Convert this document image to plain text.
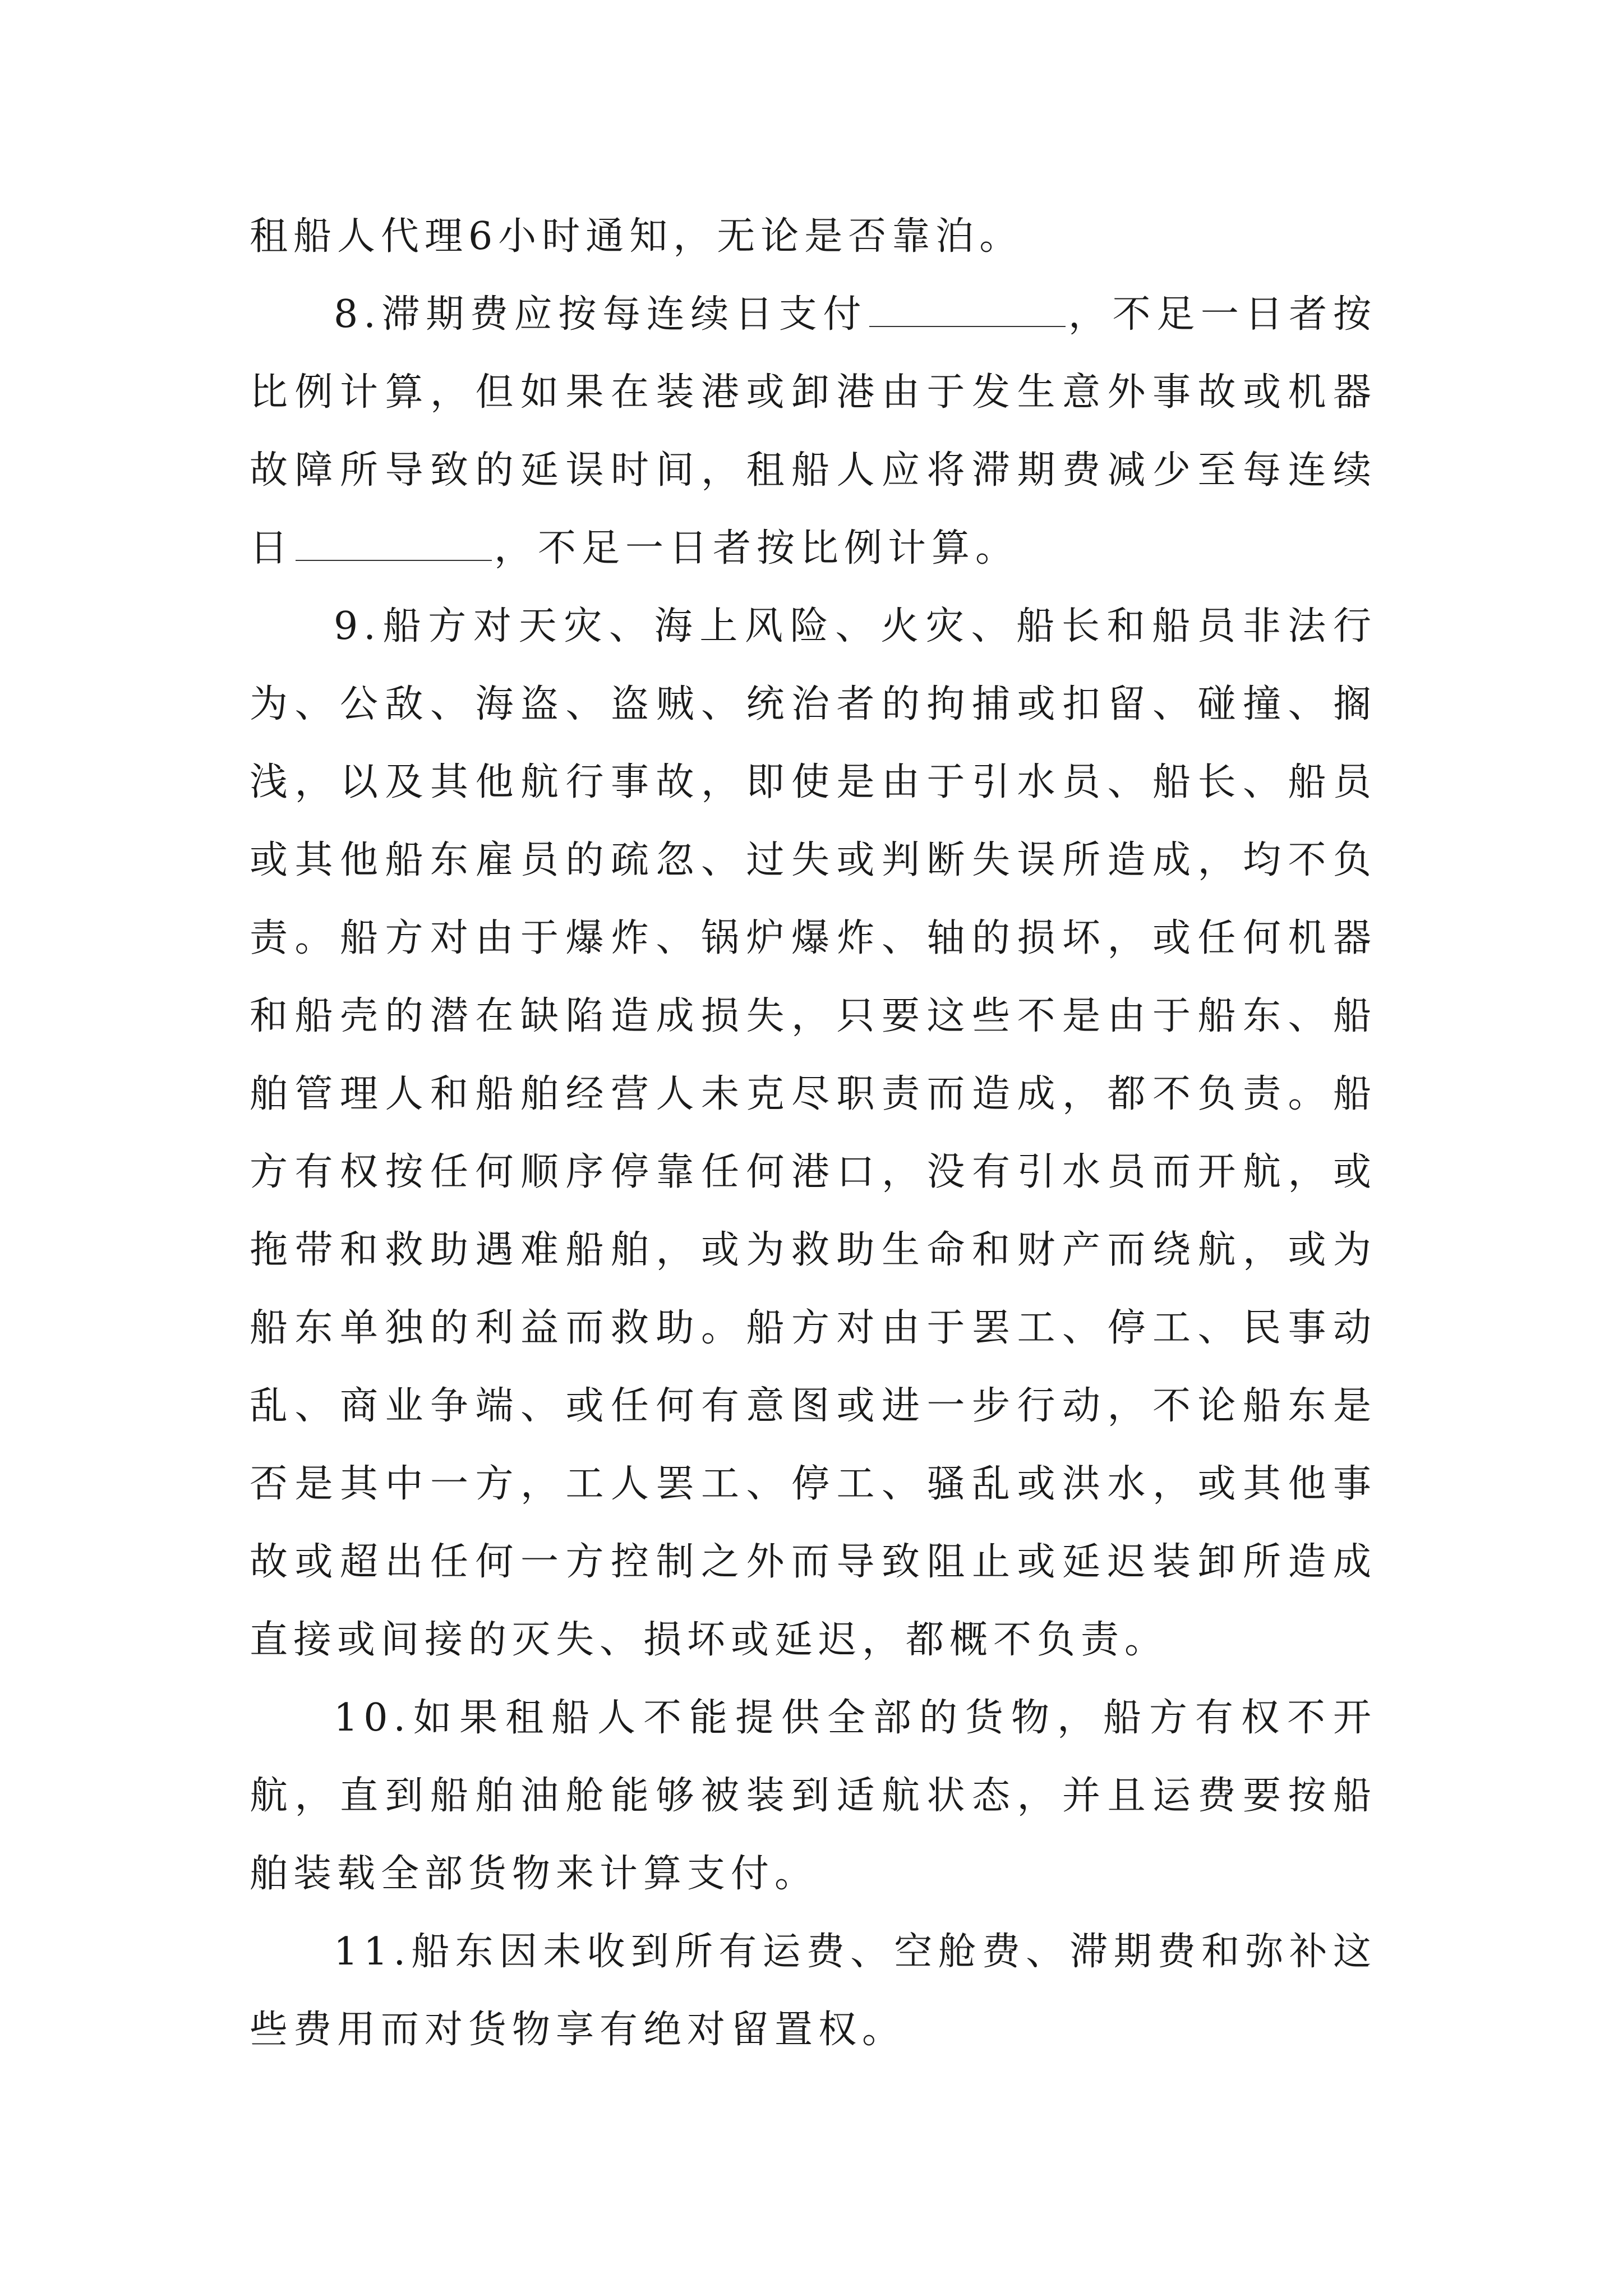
租船人代理6小时通知，无论是否靠泊。

8.滞期费应按每连续日支付	，不足一日者按比例计算，但如果在装港或卸港由于发生意外事故或机器故障所导致的延误时间，租船人应将滞期费减少至每连续日	，不足一日者按比例计算。

9.船方对天灾、海上风险、火灾、船长和船员非法行为、公敌、海盗、盗贼、统治者的拘捕或扣留、碰撞、搁浅，以及其他航行事故，即使是由于引水员、船长、船员或其他船东雇员的疏忽、过失或判断失误所造成，均不负责。船方对由于爆炸、锅炉爆炸、轴的损坏，或任何机器和船壳的潜在缺陷造成损失，只要这些不是由于船东、船舶管理人和船舶经营人未克尽职责而造成，都不负责。船方有权按任何顺序停靠任何港口，没有引水员而开航，或拖带和救助遇难船舶，或为救助生命和财产而绕航，或为船东单独的利益而救助。船方对由于罢工、停工、民事动乱、商业争端、或任何有意图或进一步行动，不论船东是否是其中一方，工人罢工、停工、骚乱或洪水，或其他事故或超出任何一方控制之外而导致阻止或延迟装卸所造成直接或间接的灭失、损坏或延迟，都概不负责。

10.如果租船人不能提供全部的货物，船方有权不开航，直到船舶油舱能够被装到适航状态，并且运费要按船舶装载全部货物来计算支付。

11.船东因未收到所有运费、空舱费、滞期费和弥补这些费用而对货物享有绝对留置权。
